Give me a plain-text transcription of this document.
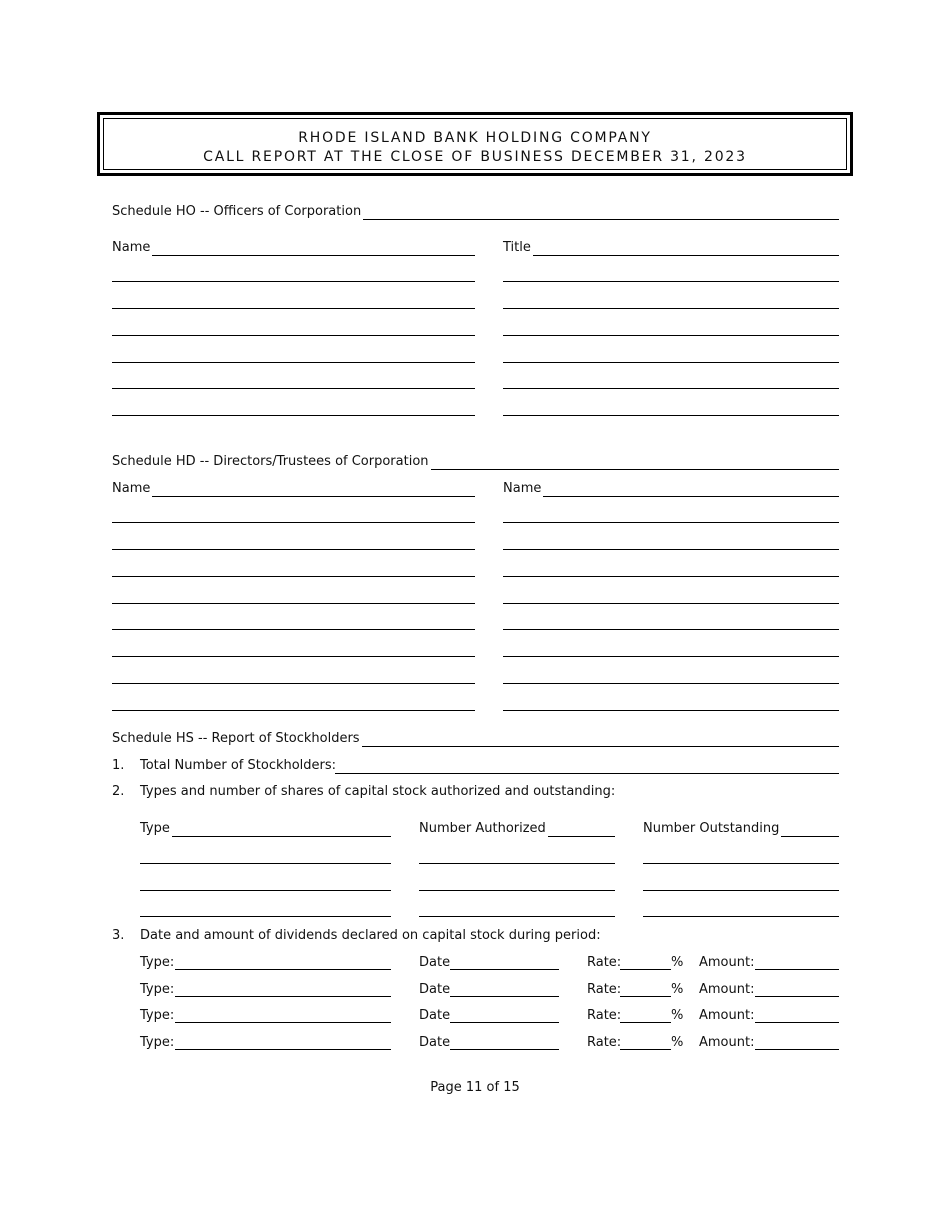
RHODE ISLAND BANK HOLDING COMPANY
CALL REPORT AT THE CLOSE OF BUSINESS DECEMBER 31, 2023
Schedule HO -- Officers of Corporation
Name	Title
Schedule HD -- Directors/Trustees of Corporation
Name	Name
Schedule HS -- Report of Stockholders
1. Total Number of Stockholders:
2. Types and number of shares of capital stock authorized and outstanding:
Type	Number Authorized	Number Outstanding
3. Date and amount of dividends declared on capital stock during period:
Type:	Date	Rate:	% Amount:
Type:	Date	Rate:	% Amount:
Type:	Date	Rate:	% Amount:
Type:	Date	Rate:	% Amount:
Page 11 of 15
